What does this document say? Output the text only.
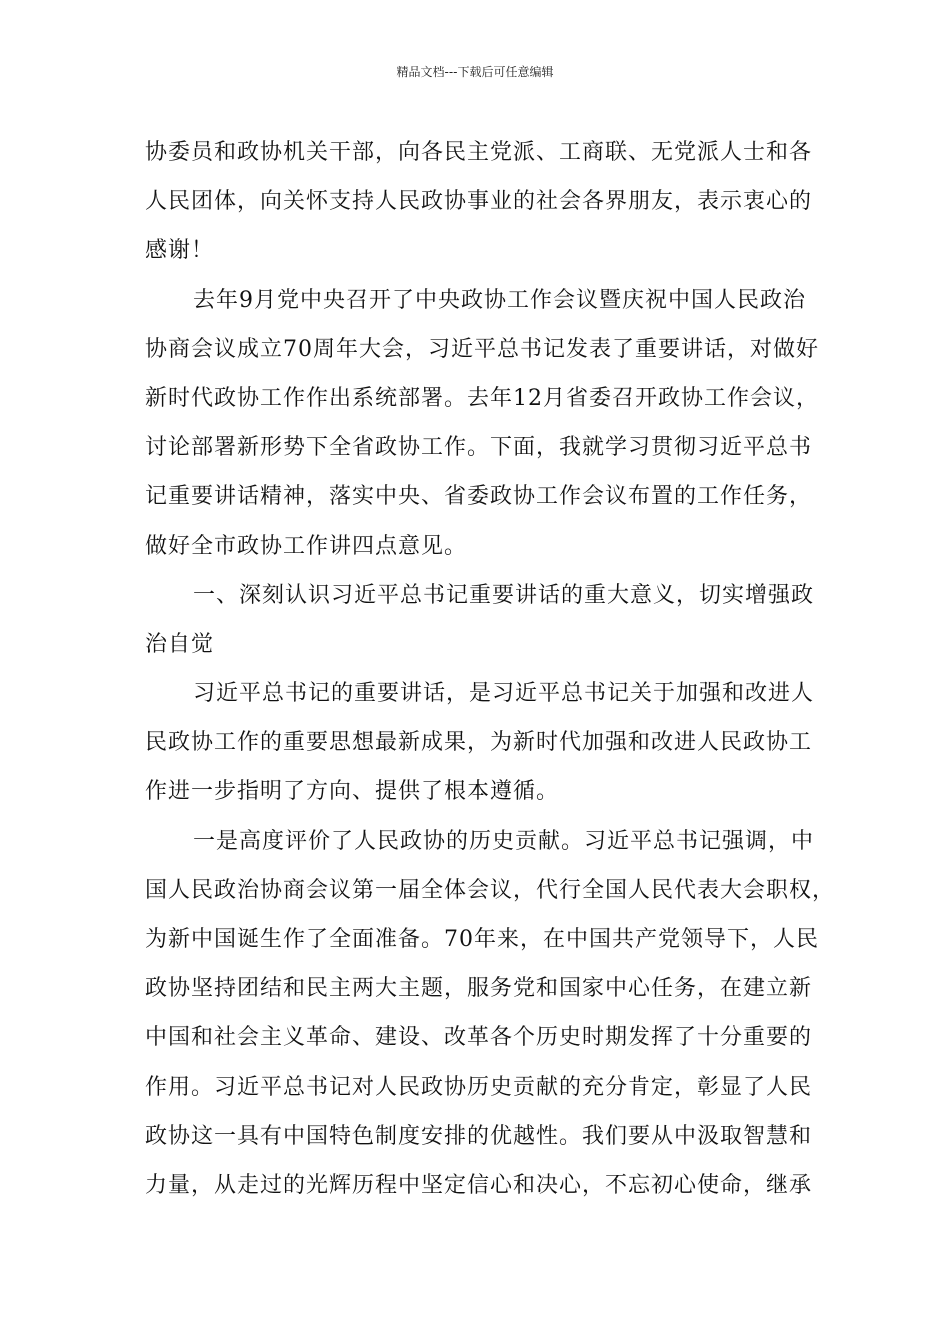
精品文档---下载后可任意编辑
协委员和政协机关干部，向各民主党派、工商联、无党派人士和各
人民团体，向关怀支持人民政协事业的社会各界朋友，表示衷心的
感谢！
去年9月党中央召开了中央政协工作会议暨庆祝中国人民政治
协商会议成立70周年大会，习近平总书记发表了重要讲话，对做好
新时代政协工作作出系统部署。去年12月省委召开政协工作会议，
讨论部署新形势下全省政协工作。下面，我就学习贯彻习近平总书
记重要讲话精神，落实中央、省委政协工作会议布置的工作任务，
做好全市政协工作讲四点意见。
一、深刻认识习近平总书记重要讲话的重大意义，切实增强政
治自觉
习近平总书记的重要讲话，是习近平总书记关于加强和改进人
民政协工作的重要思想最新成果，为新时代加强和改进人民政协工
作进一步指明了方向、提供了根本遵循。
一是高度评价了人民政协的历史贡献。习近平总书记强调，中
国人民政治协商会议第一届全体会议，代行全国人民代表大会职权，
为新中国诞生作了全面准备。70年来，在中国共产党领导下，人民
政协坚持团结和民主两大主题，服务党和国家中心任务，在建立新
中国和社会主义革命、建设、改革各个历史时期发挥了十分重要的
作用。习近平总书记对人民政协历史贡献的充分肯定，彰显了人民
政协这一具有中国特色制度安排的优越性。我们要从中汲取智慧和
力量，从走过的光辉历程中坚定信心和决心，不忘初心使命，继承
